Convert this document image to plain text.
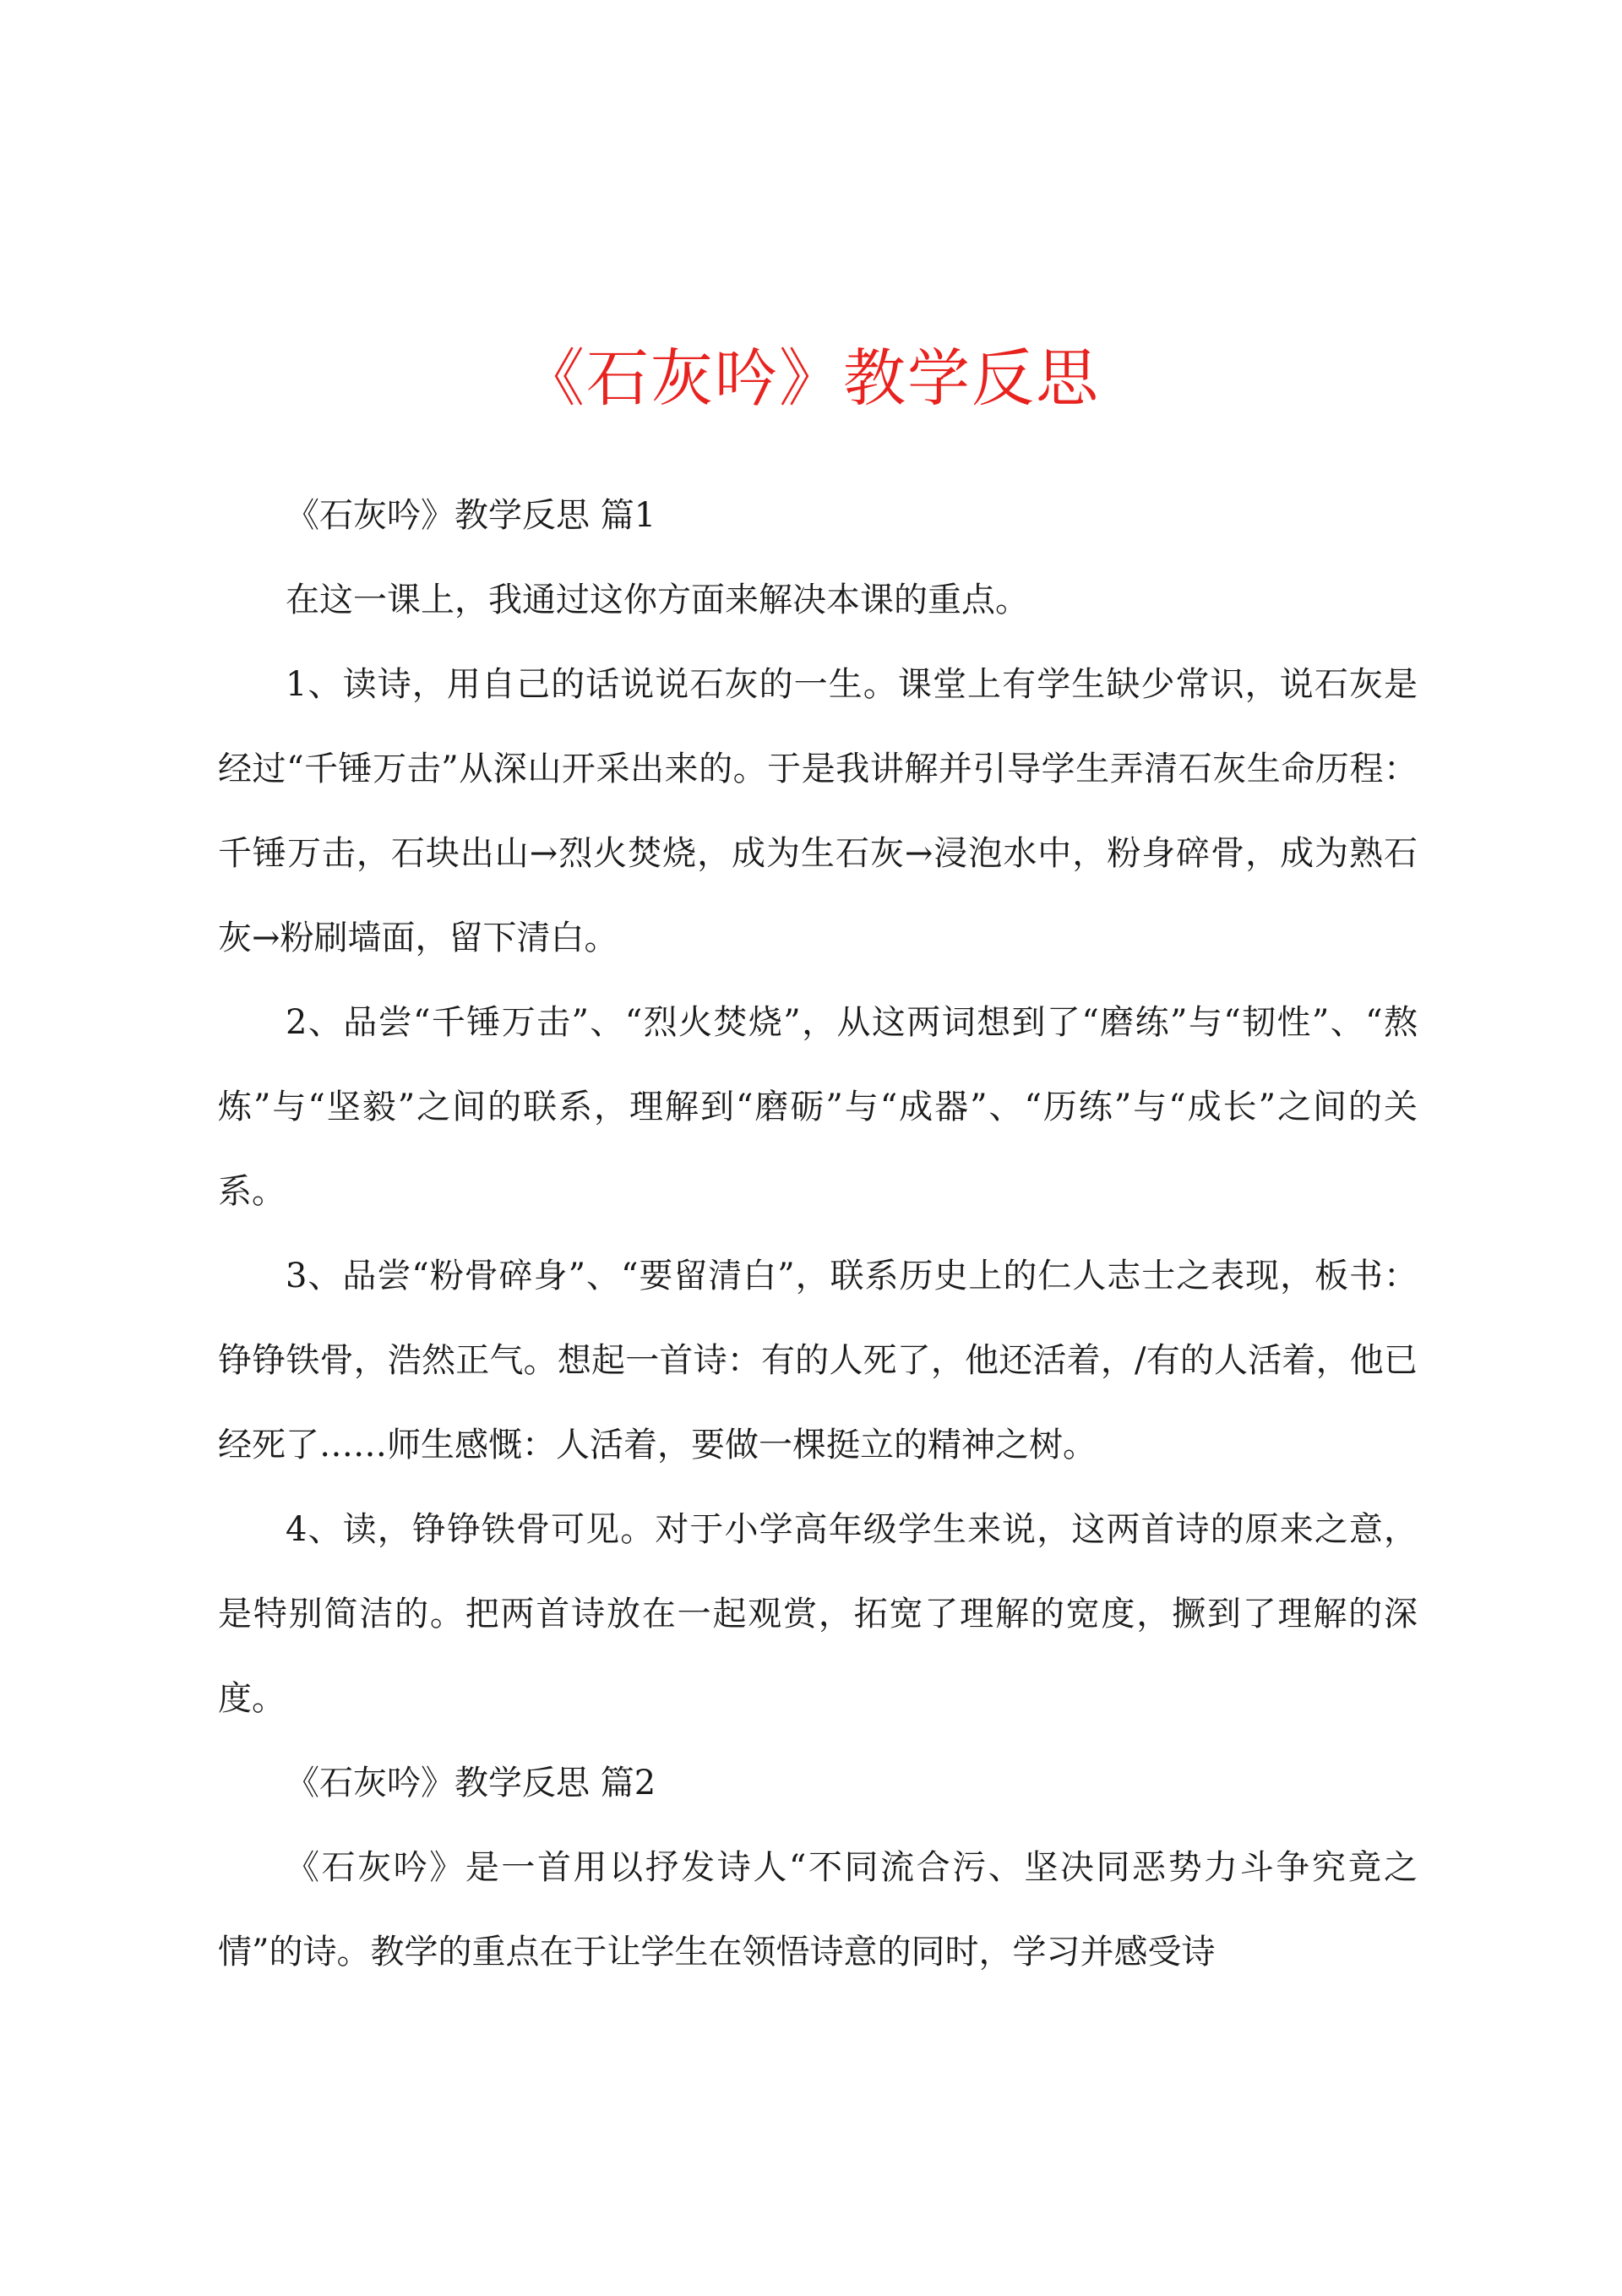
《石灰吟》教学反思

《石灰吟》教学反思 篇1

在这一课上，我通过这你方面来解决本课的重点。

1、读诗，用自己的话说说石灰的一生。课堂上有学生缺少常识，说石灰是经过“千锤万击”从深山开采出来的。于是我讲解并引导学生弄清石灰生命历程：千锤万击，石块出山→烈火焚烧，成为生石灰→浸泡水中，粉身碎骨，成为熟石灰→粉刷墙面，留下清白。

2、品尝“千锤万击”、“烈火焚烧”，从这两词想到了“磨练”与“韧性”、“熬炼”与“坚毅”之间的联系，理解到“磨砺”与“成器”、“历练”与“成长”之间的关系。

3、品尝“粉骨碎身”、“要留清白”，联系历史上的仁人志士之表现，板书：铮铮铁骨，浩然正气。想起一首诗：有的人死了，他还活着，/有的人活着，他已经死了……师生感慨：人活着，要做一棵挺立的精神之树。

4、读，铮铮铁骨可见。对于小学高年级学生来说，这两首诗的原来之意，是特别简洁的。把两首诗放在一起观赏，拓宽了理解的宽度，撅到了理解的深度。

《石灰吟》教学反思 篇2

《石灰吟》是一首用以抒发诗人“不同流合污、坚决同恶势力斗争究竟之情”的诗。教学的重点在于让学生在领悟诗意的同时，学习并感受诗
